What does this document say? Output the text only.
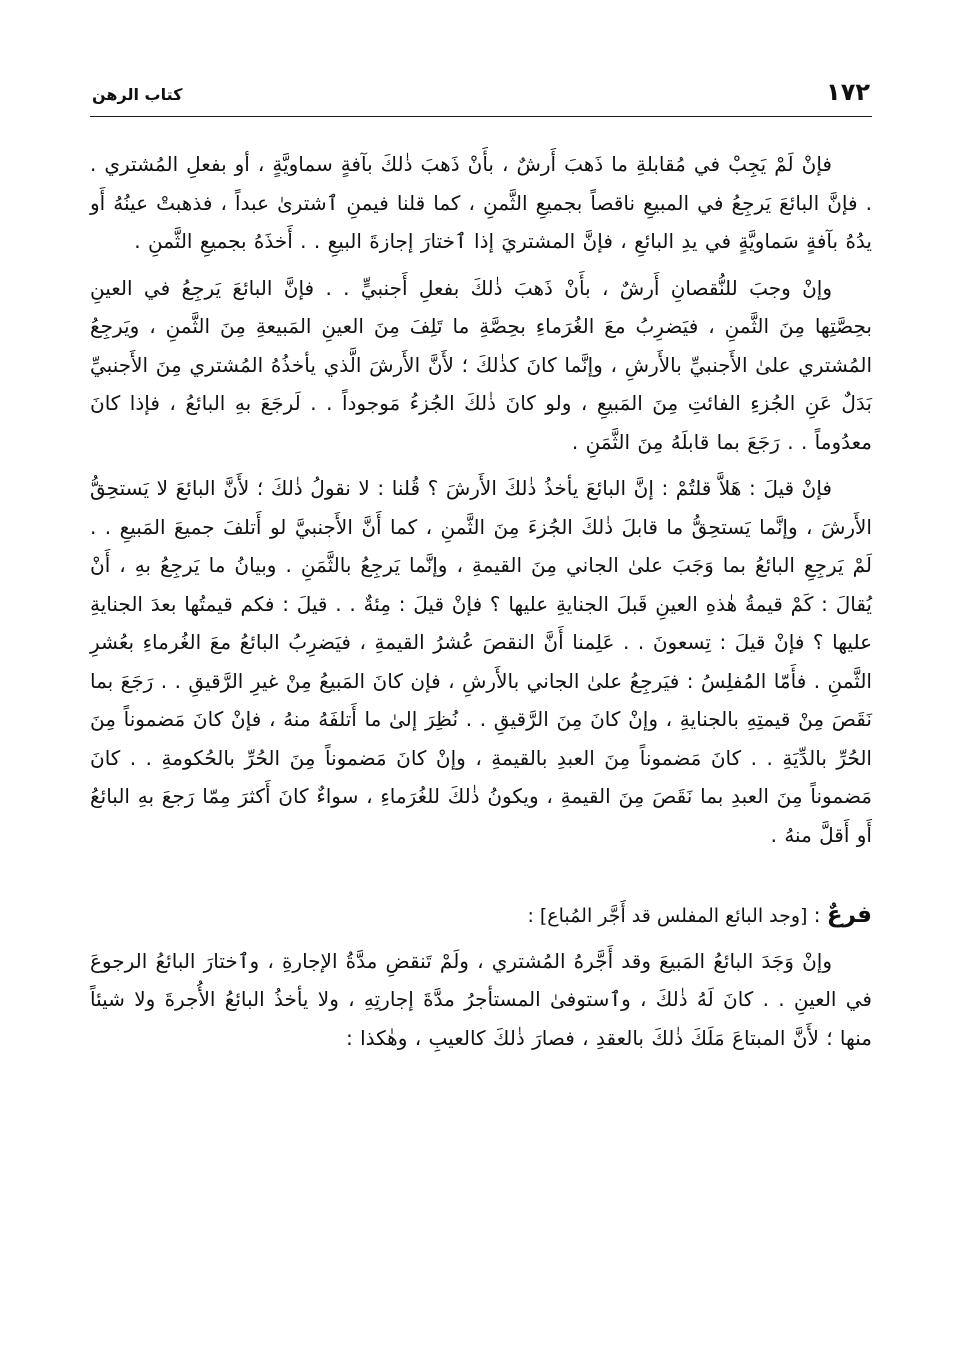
١٧٢
كتاب الرهن

فإنْ لَمْ يَجِبْ في مُقابلةِ ما ذَهبَ أَرشٌ ، بأَنْ ذَهبَ ذٰلكَ بآفةٍ سماويَّةٍ ، أو بفعلِ المُشتري . . فإنَّ البائعَ يَرجِعُ في المبيعِ ناقصاً بجميعِ الثَّمنِ ، كما قلنا فيمنِ ٱشترىٰ عبداً ، فذهبتْ عينُهُ أَو يدُهُ بآفةٍ سَماويَّةٍ في يدِ البائعِ ، فإنَّ المشتريَ إذا ٱختارَ إجازةَ البيعِ . . أَخذَهُ بجميعِ الثَّمنِ .

وإنْ وجبَ للنُّقصانِ أَرشٌ ، بأَنْ ذَهبَ ذٰلكَ بفعلِ أَجنبيٍّ . . فإنَّ البائعَ يَرجِعُ في العينِ بحِصَّتِها مِنَ الثَّمنِ ، فيَضرِبُ معَ الغُرَماءِ بحِصَّةِ ما تَلِفَ مِنَ العينِ المَبيعةِ مِنَ الثَّمنِ ، ويَرجِعُ المُشتري علىٰ الأَجنبيِّ بالأَرشِ ، وإنَّما كانَ كذٰلكَ ؛ لأَنَّ الأَرشَ الَّذي يأخذُهُ المُشتري مِنَ الأَجنبيِّ بَدَلٌ عَنِ الجُزءِ الفائتِ مِنَ المَبيعِ ، ولو كانَ ذٰلكَ الجُزءُ مَوجوداً . . لَرجَعَ بهِ البائعُ ، فإذا كانَ معدُوماً . . رَجَعَ بما قابلَهُ مِنَ الثَّمَنِ .

فإنْ قيلَ : هَلاَّ قلتُمْ : إنَّ البائعَ يأخذُ ذٰلكَ الأَرشَ ؟ قُلنا : لا نقولُ ذٰلكَ ؛ لأَنَّ البائعَ لا يَستحِقُّ الأَرشَ ، وإنَّما يَستحِقُّ ما قابلَ ذٰلكَ الجُزءَ مِنَ الثَّمنِ ، كما أَنَّ الأَجنبيَّ لو أَتلفَ جميعَ المَبيعِ . . لَمْ يَرجِعِ البائعُ بما وَجَبَ علىٰ الجاني مِنَ القيمةِ ، وإنَّما يَرجِعُ بالثَّمَنِ . وبيانُ ما يَرجِعُ بهِ ، أَنْ يُقالَ : كَمْ قيمةُ هٰذهِ العينِ قَبلَ الجنايةِ عليها ؟ فإنْ قيلَ : مِئةٌ . . قيلَ : فكم قيمتُها بعدَ الجنايةِ عليها ؟ فإنْ قيلَ : تِسعونَ . . عَلِمنا أَنَّ النقصَ عُشرُ القيمةِ ، فيَضرِبُ البائعُ معَ الغُرماءِ بعُشرِ الثَّمنِ . فأَمّا المُفلِسُ : فيَرجِعُ علىٰ الجاني بالأَرشِ ، فإن كانَ المَبيعُ مِنْ غيرِ الرَّقيقِ . . رَجَعَ بما نَقَصَ مِنْ قيمتِهِ بالجنايةِ ، وإنْ كانَ مِنَ الرَّقيقِ . . نُظِرَ إلىٰ ما أَتلفَهُ منهُ ، فإنْ كانَ مَضموناً مِنَ الحُرِّ بالدِّيَةِ . . كانَ مَضموناً مِنَ العبدِ بالقيمةِ ، وإنْ كانَ مَضموناً مِنَ الحُرِّ بالحُكومةِ . . كانَ مَضموناً مِنَ العبدِ بما نَقَصَ مِنَ القيمةِ ، ويكونُ ذٰلكَ للغُرَماءِ ، سواءٌ كانَ أَكثرَ مِمّا رَجعَ بهِ البائعُ أَو أَقلَّ منهُ .

فرعٌ : [وجد البائع المفلس قد أَجَّر المُباع] :

وإنْ وَجَدَ البائعُ المَبيعَ وقد أَجَّرهُ المُشتري ، ولَمْ تَنقضِ مدَّةُ الإجارةِ ، وٱختارَ البائعُ الرجوعَ في العينِ . . كانَ لَهُ ذٰلكَ ، وٱستوفىٰ المستأجرُ مدَّةَ إجارتِهِ ، ولا يأخذُ البائعُ الأُجرةَ ولا شيئاً منها ؛ لأَنَّ المبتاعَ مَلَكَ ذٰلكَ بالعقدِ ، فصارَ ذٰلكَ كالعيبِ ، وهٰكذا :
